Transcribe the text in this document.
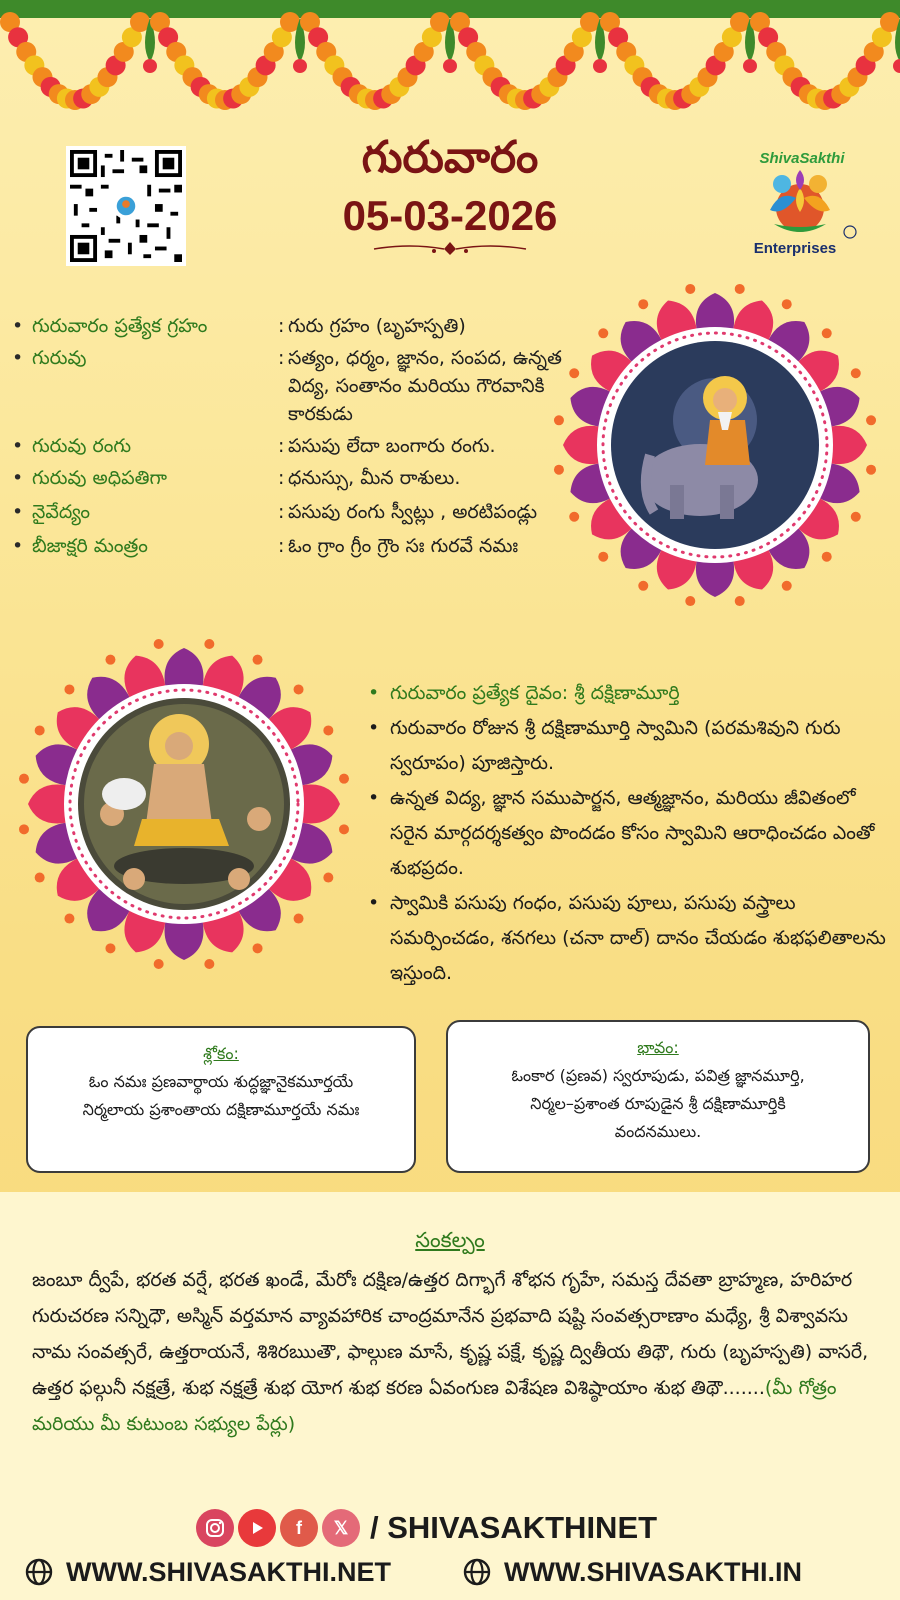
గురువారం
05-03-2026
ShivaSakthi
Enterprises
• గురువారం ప్రత్యేక గ్రహం	: గురు గ్రహం (బృహస్పతి)
• గురువు	: సత్యం, ధర్మం, జ్ఞానం, సంపద, ఉన్నత విద్య, సంతానం మరియు గౌరవానికి కారకుడు
• గురువు రంగు	: పసుపు లేదా బంగారు రంగు.
• గురువు అధిపతిగా	: ధనుస్సు, మీన రాశులు.
• నైవేద్యం	: పసుపు రంగు స్వీట్లు , అరటిపండ్లు
• బీజాక్షరి మంత్రం	: ఓం గ్రాం గ్రీం గ్రౌం సః గురవే నమః
• గురువారం ప్రత్యేక దైవం: శ్రీ దక్షిణామూర్తి
• గురువారం రోజున శ్రీ దక్షిణామూర్తి స్వామిని (పరమశివుని గురు స్వరూపం) పూజిస్తారు.
• ఉన్నత విద్య, జ్ఞాన సముపార్జన, ఆత్మజ్ఞానం, మరియు జీవితంలో సరైన మార్గదర్శకత్వం పొందడం కోసం స్వామిని ఆరాధించడం ఎంతో శుభప్రదం.
• స్వామికి పసుపు గంధం, పసుపు పూలు, పసుపు వస్త్రాలు సమర్పించడం, శనగలు (చనా దాల్) దానం చేయడం శుభఫలితాలను ఇస్తుంది.
శ్లోకం:
ఓం నమః ప్రణవార్థాయ శుద్ధజ్ఞానైకమూర్తయే
నిర్మలాయ ప్రశాంతాయ దక్షిణామూర్తయే నమః
భావం:
ఓంకార (ప్రణవ) స్వరూపుడు, పవిత్ర జ్ఞానమూర్తి,
నిర్మల–ప్రశాంత రూపుడైన శ్రీ దక్షిణామూర్తికి
వందనములు.
సంకల్పం
జంబూ ద్వీపే, భరత వర్షే, భరత ఖండే, మేరోః దక్షిణ/ఉత్తర దిగ్భాగే శోభన గృహే, సమస్త దేవతా బ్రాహ్మణ, హరిహర గురుచరణ సన్నిధౌ, అస్మిన్ వర్తమాన వ్యావహారిక చాంద్రమానేన ప్రభవాది షష్టి సంవత్సరాణాం మధ్యే, శ్రీ విశ్వావసు నామ సంవత్సరే, ఉత్తరాయనే, శిశిరఋతౌ, ఫాల్గుణ మాసే, కృష్ణ పక్షే, కృష్ణ ద్వితీయ తిథౌ, గురు (బృహస్పతి) వాసరే, ఉత్తర ఫల్గునీ నక్షత్రే, శుభ నక్షత్రే శుభ యోగ శుభ కరణ ఏవంగుణ విశేషణ విశిష్ఠాయాం శుభ తిథౌ.......(మీ గోత్రం మరియు మీ కుటుంబ సభ్యుల పేర్లు)
f 𝕏 / SHIVASAKTHINET
WWW.SHIVASAKTHI.NET	WWW.SHIVASAKTHI.IN
